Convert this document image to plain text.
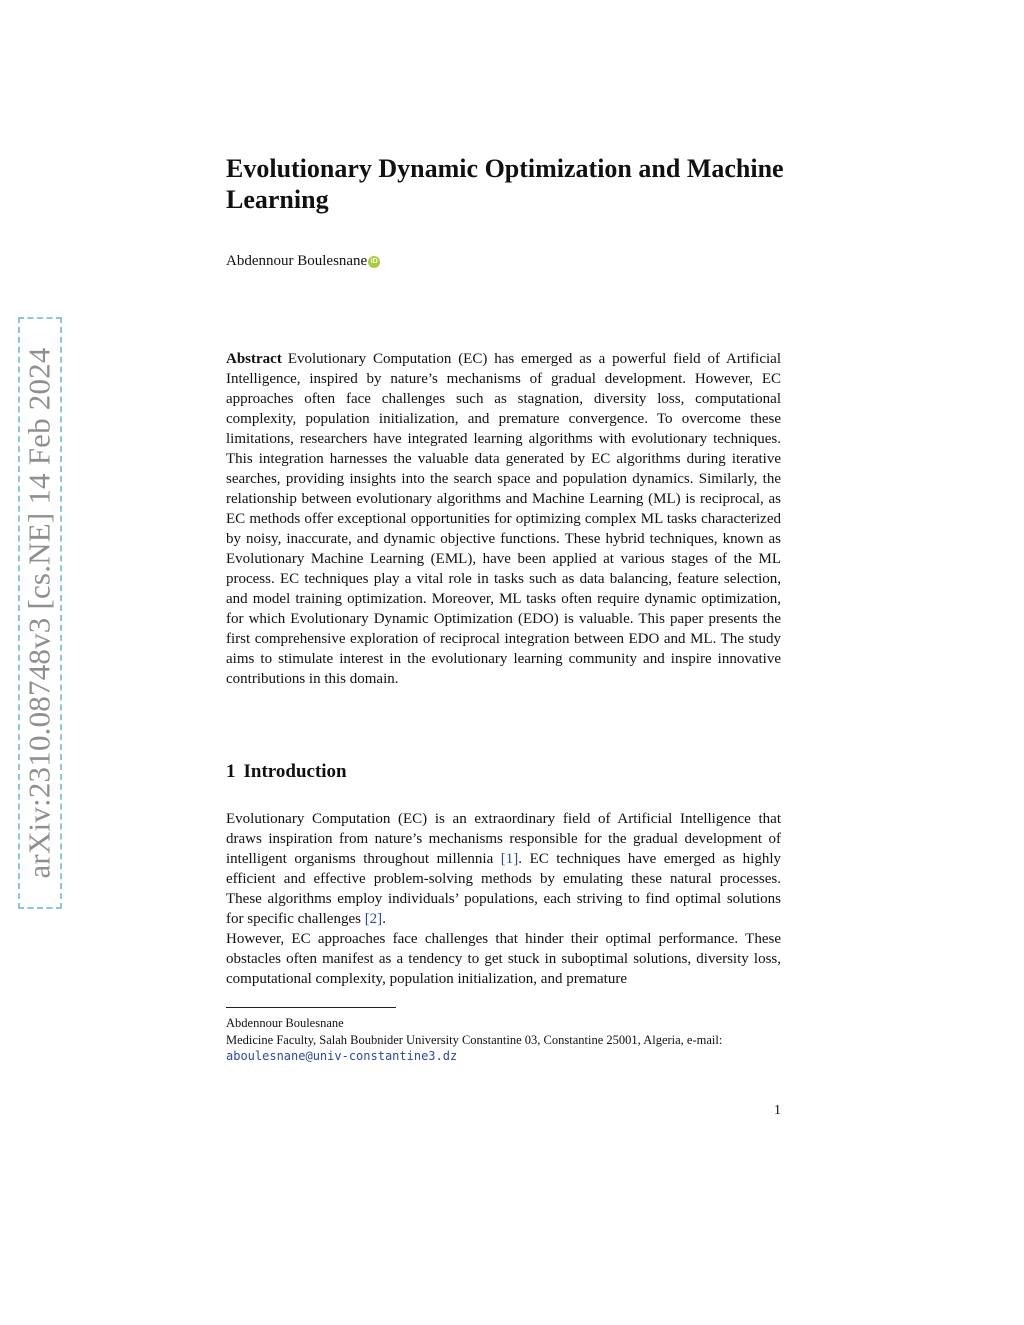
arXiv:2310.08748v3 [cs.NE] 14 Feb 2024
Evolutionary Dynamic Optimization and Machine Learning
Abdennour Boulesnane iD

Abstract Evolutionary Computation (EC) has emerged as a powerful field of Artificial Intelligence, inspired by nature’s mechanisms of gradual development. However, EC approaches often face challenges such as stagnation, diversity loss, computational complexity, population initialization, and premature convergence. To overcome these limitations, researchers have integrated learning algorithms with evolutionary techniques. This integration harnesses the valuable data generated by EC algorithms during iterative searches, providing insights into the search space and population dynamics. Similarly, the relationship between evolutionary algorithms and Machine Learning (ML) is reciprocal, as EC methods offer exceptional opportunities for optimizing complex ML tasks characterized by noisy, inaccurate, and dynamic objective functions. These hybrid techniques, known as Evolutionary Machine Learning (EML), have been applied at various stages of the ML process. EC techniques play a vital role in tasks such as data balancing, feature selection, and model training optimization. Moreover, ML tasks often require dynamic optimization, for which Evolutionary Dynamic Optimization (EDO) is valuable. This paper presents the first comprehensive exploration of reciprocal integration between EDO and ML. The study aims to stimulate interest in the evolutionary learning community and inspire innovative contributions in this domain.

1 Introduction

Evolutionary Computation (EC) is an extraordinary field of Artificial Intelligence that draws inspiration from nature’s mechanisms responsible for the gradual development of intelligent organisms throughout millennia [1]. EC techniques have emerged as highly efficient and effective problem-solving methods by emulating these natural processes. These algorithms employ individuals’ populations, each striving to find optimal solutions for specific challenges [2].

However, EC approaches face challenges that hinder their optimal performance. These obstacles often manifest as a tendency to get stuck in suboptimal solutions, diversity loss, computational complexity, population initialization, and premature

Abdennour Boulesnane
Medicine Faculty, Salah Boubnider University Constantine 03, Constantine 25001, Algeria, e-mail:
aboulesnane@univ-constantine3.dz
1
